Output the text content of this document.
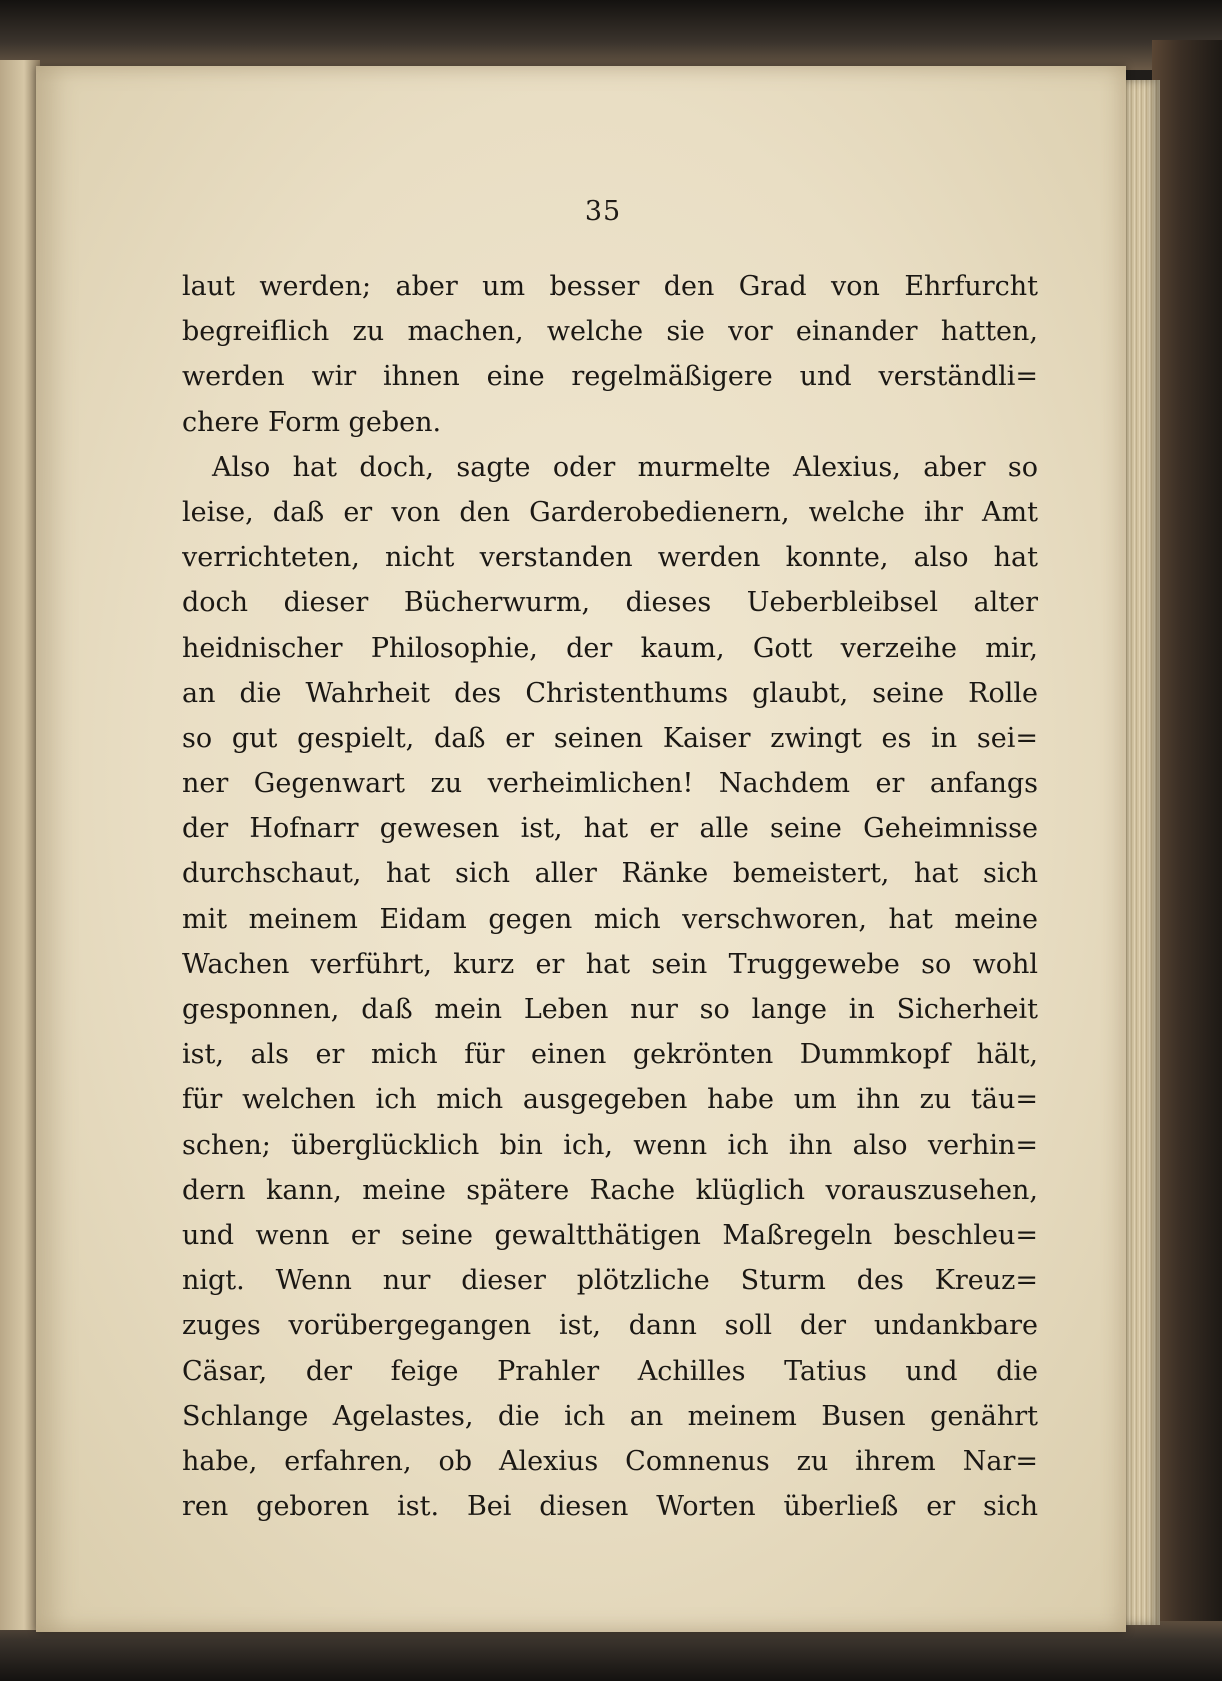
35
laut werden; aber um besser den Grad von Ehrfurcht
begreiflich zu machen, welche sie vor einander hatten,
werden wir ihnen eine regelmäßigere und verständli=
chere Form geben.
Also hat doch, sagte oder murmelte Alexius, aber so
leise, daß er von den Garderobedienern, welche ihr Amt
verrichteten, nicht verstanden werden konnte, also hat
doch dieser Bücherwurm, dieses Ueberbleibsel alter
heidnischer Philosophie, der kaum, Gott verzeihe mir,
an die Wahrheit des Christenthums glaubt, seine Rolle
so gut gespielt, daß er seinen Kaiser zwingt es in sei=
ner Gegenwart zu verheimlichen! Nachdem er anfangs
der Hofnarr gewesen ist, hat er alle seine Geheimnisse
durchschaut, hat sich aller Ränke bemeistert, hat sich
mit meinem Eidam gegen mich verschworen, hat meine
Wachen verführt, kurz er hat sein Truggewebe so wohl
gesponnen, daß mein Leben nur so lange in Sicherheit
ist, als er mich für einen gekrönten Dummkopf hält,
für welchen ich mich ausgegeben habe um ihn zu täu=
schen; überglücklich bin ich, wenn ich ihn also verhin=
dern kann, meine spätere Rache klüglich vorauszusehen,
und wenn er seine gewaltthätigen Maßregeln beschleu=
nigt. Wenn nur dieser plötzliche Sturm des Kreuz=
zuges vorübergegangen ist, dann soll der undankbare
Cäsar, der feige Prahler Achilles Tatius und die
Schlange Agelastes, die ich an meinem Busen genährt
habe, erfahren, ob Alexius Comnenus zu ihrem Nar=
ren geboren ist. Bei diesen Worten überließ er sich
